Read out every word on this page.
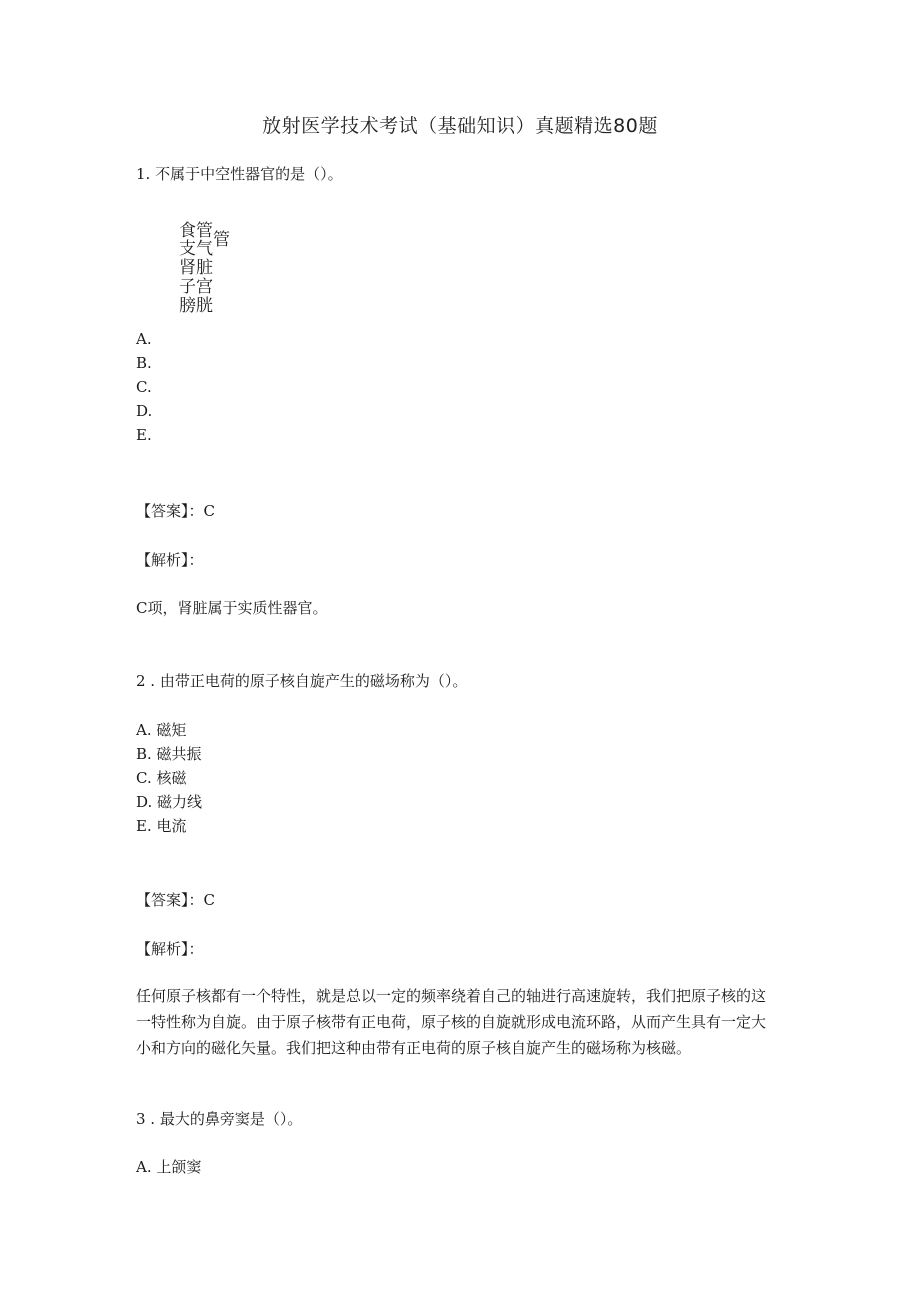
放射医学技术考试（基础知识）真题精选80题
1. 不属于中空性器官的是（）。
食管
支气管
肾脏
子宫
膀胱
A.
B.
C.
D.
E.
【答案】：C
【解析】：
C项，肾脏属于实质性器官。
2 . 由带正电荷的原子核自旋产生的磁场称为（）。
A. 磁矩
B. 磁共振
C. 核磁
D. 磁力线
E. 电流
【答案】：C
【解析】：
任何原子核都有一个特性，就是总以一定的频率绕着自己的轴进行高速旋转，我们把原子核的这一特性称为自旋。由于原子核带有正电荷，原子核的自旋就形成电流环路，从而产生具有一定大小和方向的磁化矢量。我们把这种由带有正电荷的原子核自旋产生的磁场称为核磁。
3 . 最大的鼻旁窦是（）。
A. 上颌窦
